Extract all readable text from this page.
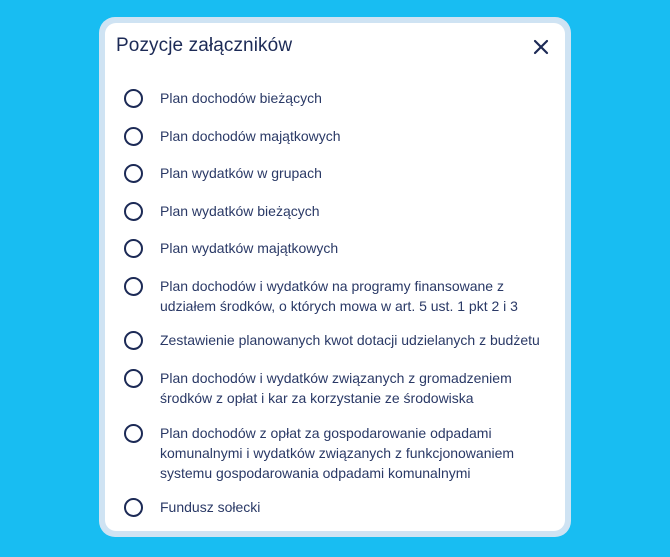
Pozycje załączników
Plan dochodów bieżących
Plan dochodów majątkowych
Plan wydatków w grupach
Plan wydatków bieżących
Plan wydatków majątkowych
Plan dochodów i wydatków na programy finansowane z udziałem środków, o których mowa w art. 5 ust. 1 pkt 2 i 3
Zestawienie planowanych kwot dotacji udzielanych z budżetu
Plan dochodów i wydatków związanych z gromadzeniem środków z opłat i kar za korzystanie ze środowiska
Plan dochodów z opłat za gospodarowanie odpadami komunalnymi i wydatków związanych z funkcjonowaniem systemu gospodarowania odpadami komunalnymi
Fundusz sołecki
